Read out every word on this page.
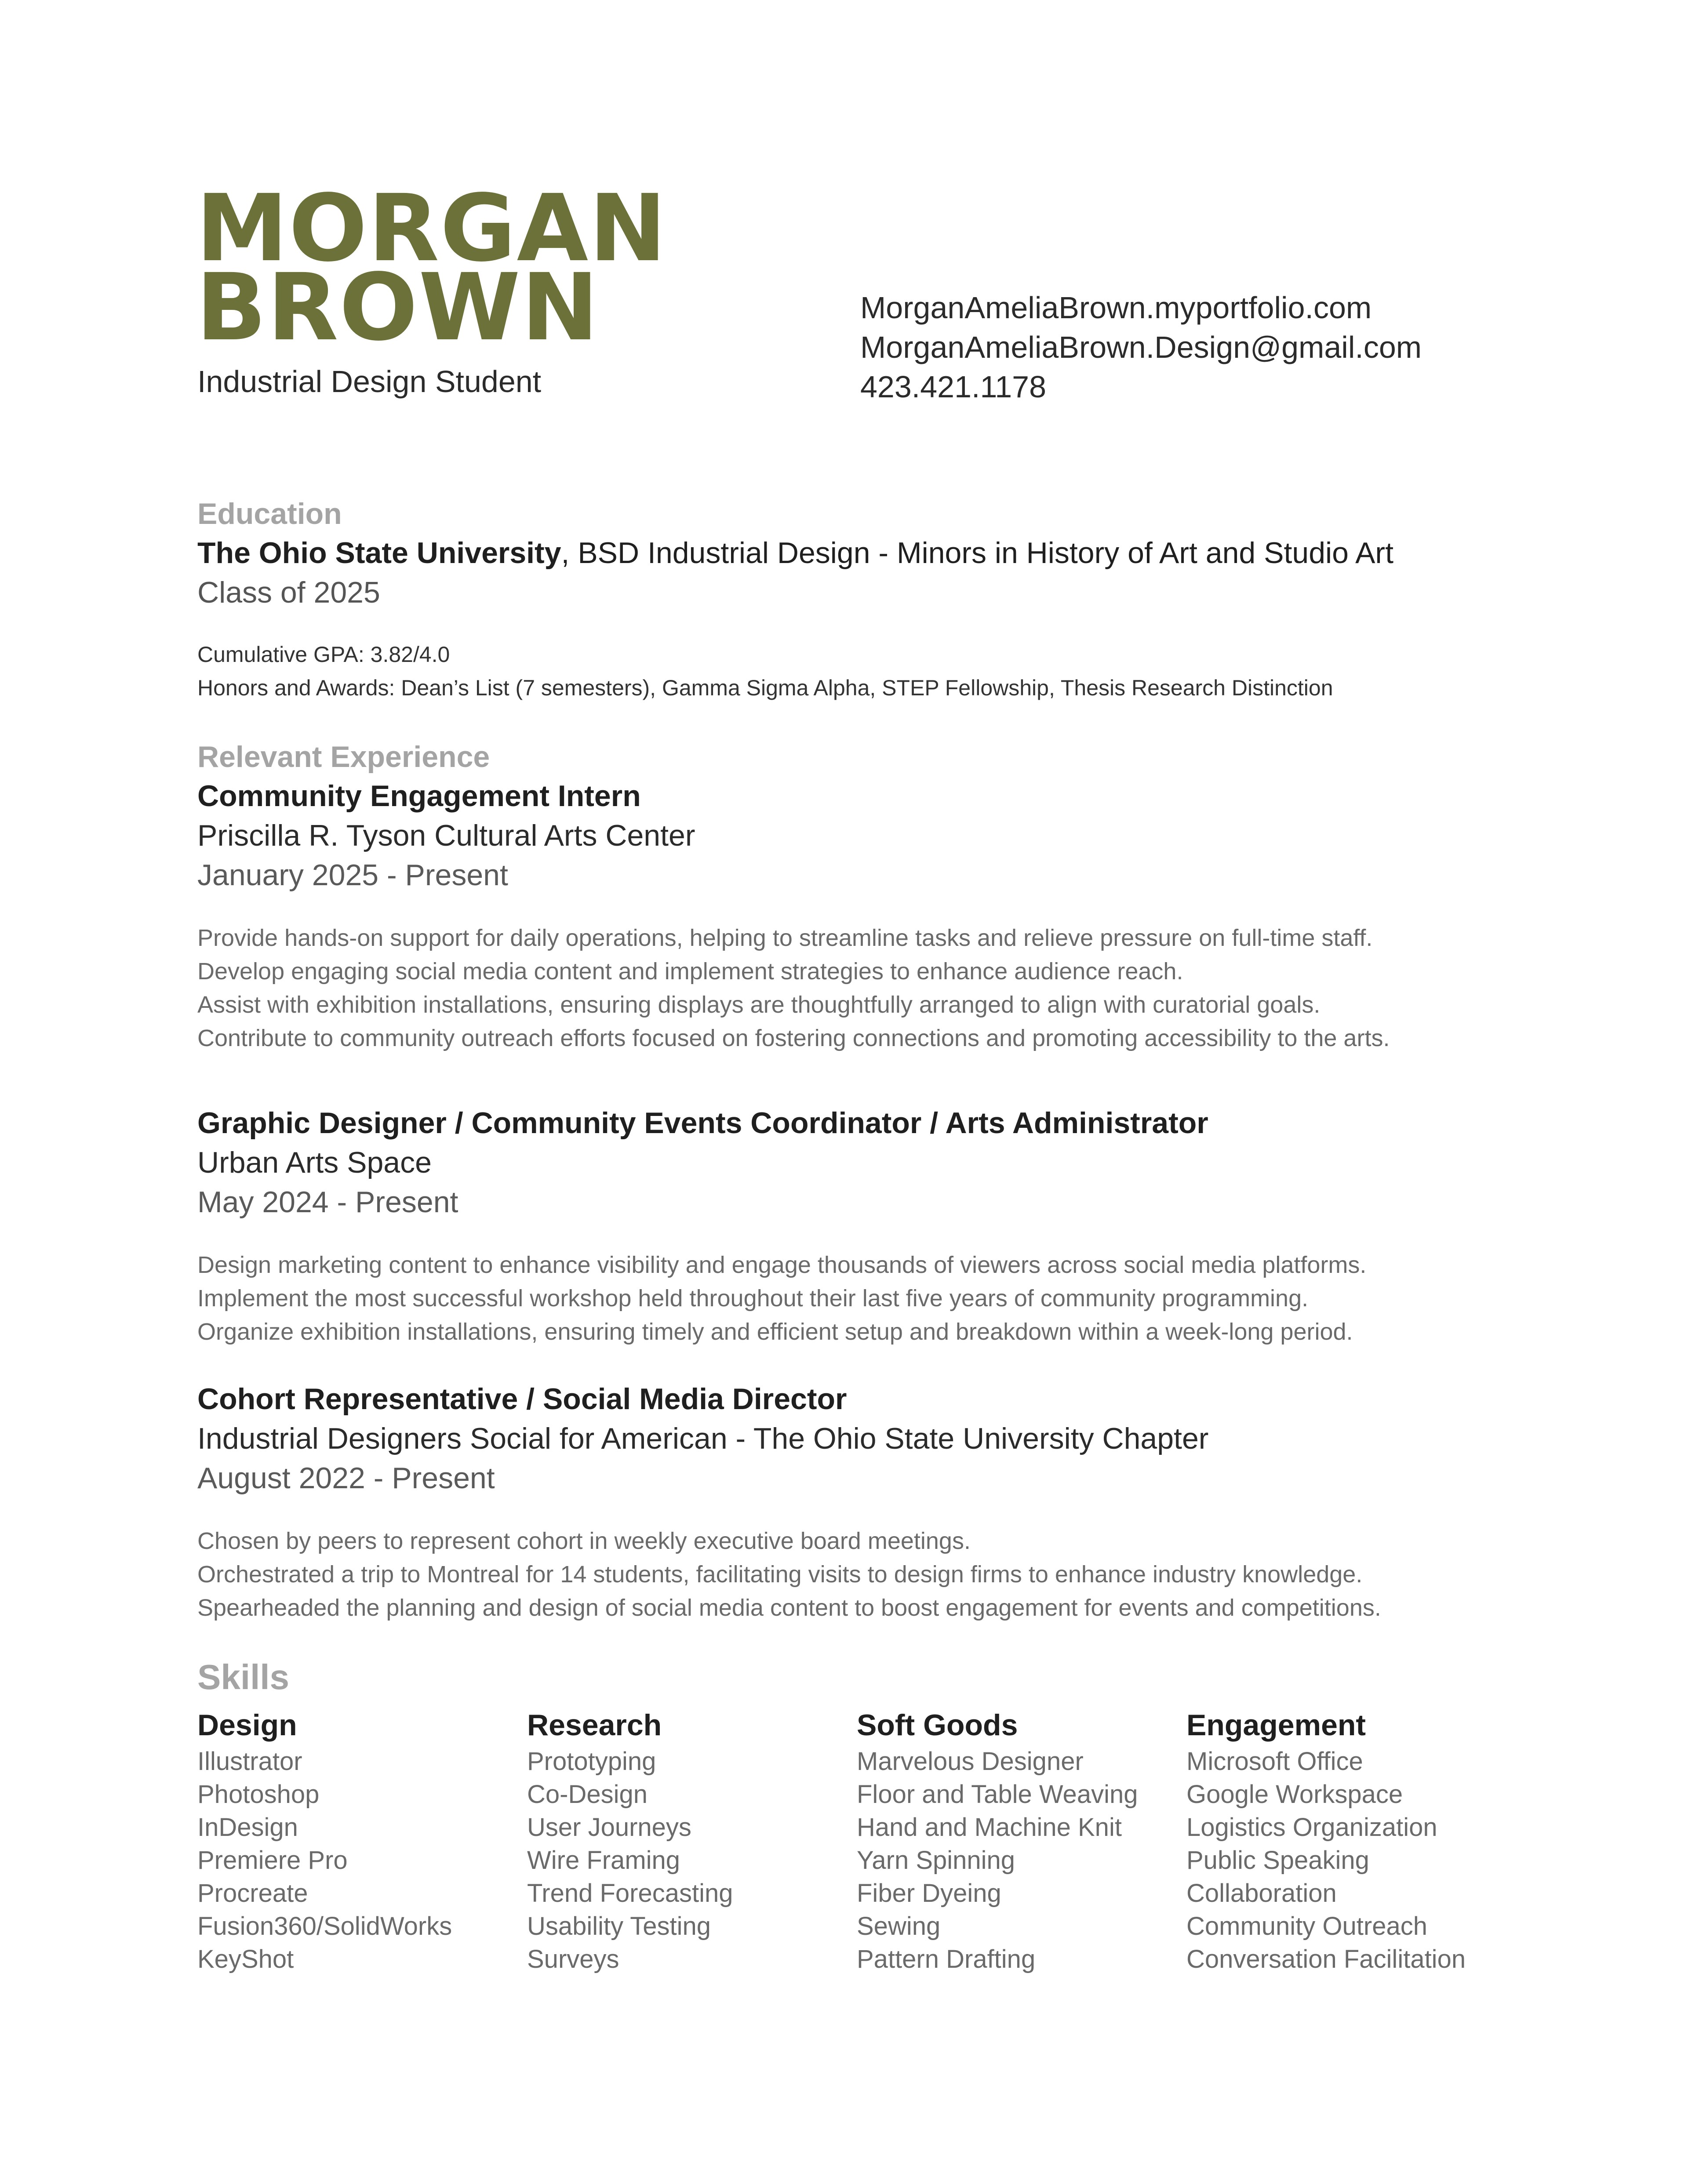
MORGAN
BROWN

Industrial Design Student

MorganAmeliaBrown.myportfolio.com
MorganAmeliaBrown.Design@gmail.com
423.421.1178
Education
The Ohio State University, BSD Industrial Design - Minors in History of Art and Studio Art
Class of 2025
Cumulative GPA: 3.82/4.0
Honors and Awards: Dean’s List (7 semesters), Gamma Sigma Alpha, STEP Fellowship, Thesis Research Distinction
Relevant Experience
Community Engagement Intern
Priscilla R. Tyson Cultural Arts Center
January 2025 - Present
Provide hands-on support for daily operations, helping to streamline tasks and relieve pressure on full-time staff.
Develop engaging social media content and implement strategies to enhance audience reach.
Assist with exhibition installations, ensuring displays are thoughtfully arranged to align with curatorial goals.
Contribute to community outreach efforts focused on fostering connections and promoting accessibility to the arts.
Graphic Designer / Community Events Coordinator / Arts Administrator
Urban Arts Space
May 2024 - Present
Design marketing content to enhance visibility and engage thousands of viewers across social media platforms.
Implement the most successful workshop held throughout their last five years of community programming.
Organize exhibition installations, ensuring timely and efficient setup and breakdown within a week-long period.
Cohort Representative / Social Media Director
Industrial Designers Social for American - The Ohio State University Chapter
August 2022 - Present
Chosen by peers to represent cohort in weekly executive board meetings.
Orchestrated a trip to Montreal for 14 students, facilitating visits to design firms to enhance industry knowledge.
Spearheaded the planning and design of social media content to boost engagement for events and competitions.
Skills
Design
Illustrator
Photoshop
InDesign
Premiere Pro
Procreate
Fusion360/SolidWorks
KeyShot
Research
Prototyping
Co-Design
User Journeys
Wire Framing
Trend Forecasting
Usability Testing
Surveys
Soft Goods
Marvelous Designer
Floor and Table Weaving
Hand and Machine Knit
Yarn Spinning
Fiber Dyeing
Sewing
Pattern Drafting
Engagement
Microsoft Office
Google Workspace
Logistics Organization
Public Speaking
Collaboration
Community Outreach
Conversation Facilitation
